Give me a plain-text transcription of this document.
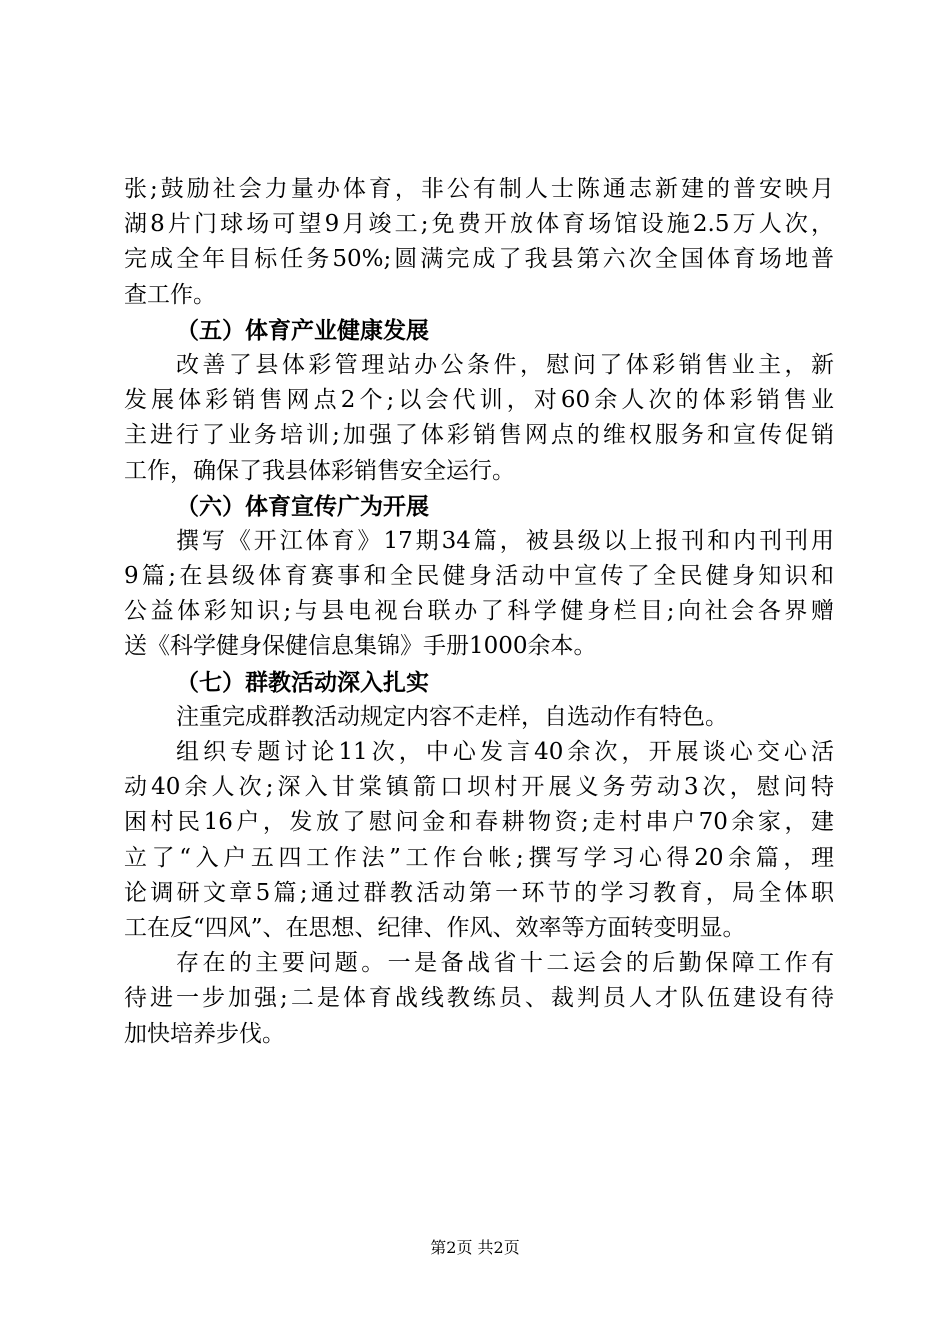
张;鼓励社会力量办体育，非公有制人士陈通志新建的普安映月
湖8片门球场可望9月竣工;免费开放体育场馆设施2.5万人次，
完成全年目标任务50%;圆满完成了我县第六次全国体育场地普
查工作。
（五）体育产业健康发展
改善了县体彩管理站办公条件，慰问了体彩销售业主，新
发展体彩销售网点2个;以会代训，对60余人次的体彩销售业
主进行了业务培训;加强了体彩销售网点的维权服务和宣传促销
工作，确保了我县体彩销售安全运行。
（六）体育宣传广为开展
撰写《开江体育》17期34篇，被县级以上报刊和内刊刊用
9篇;在县级体育赛事和全民健身活动中宣传了全民健身知识和
公益体彩知识;与县电视台联办了科学健身栏目;向社会各界赠
送《科学健身保健信息集锦》手册1000余本。
（七）群教活动深入扎实
注重完成群教活动规定内容不走样，自选动作有特色。
组织专题讨论11次，中心发言40余次，开展谈心交心活
动40余人次;深入甘棠镇箭口坝村开展义务劳动3次，慰问特
困村民16户，发放了慰问金和春耕物资;走村串户70余家，建
立了“入户五四工作法”工作台帐;撰写学习心得20余篇，理
论调研文章5篇;通过群教活动第一环节的学习教育，局全体职
工在反“四风”、在思想、纪律、作风、效率等方面转变明显。
存在的主要问题。一是备战省十二运会的后勤保障工作有
待进一步加强;二是体育战线教练员、裁判员人才队伍建设有待
加快培养步伐。
第2页 共2页
